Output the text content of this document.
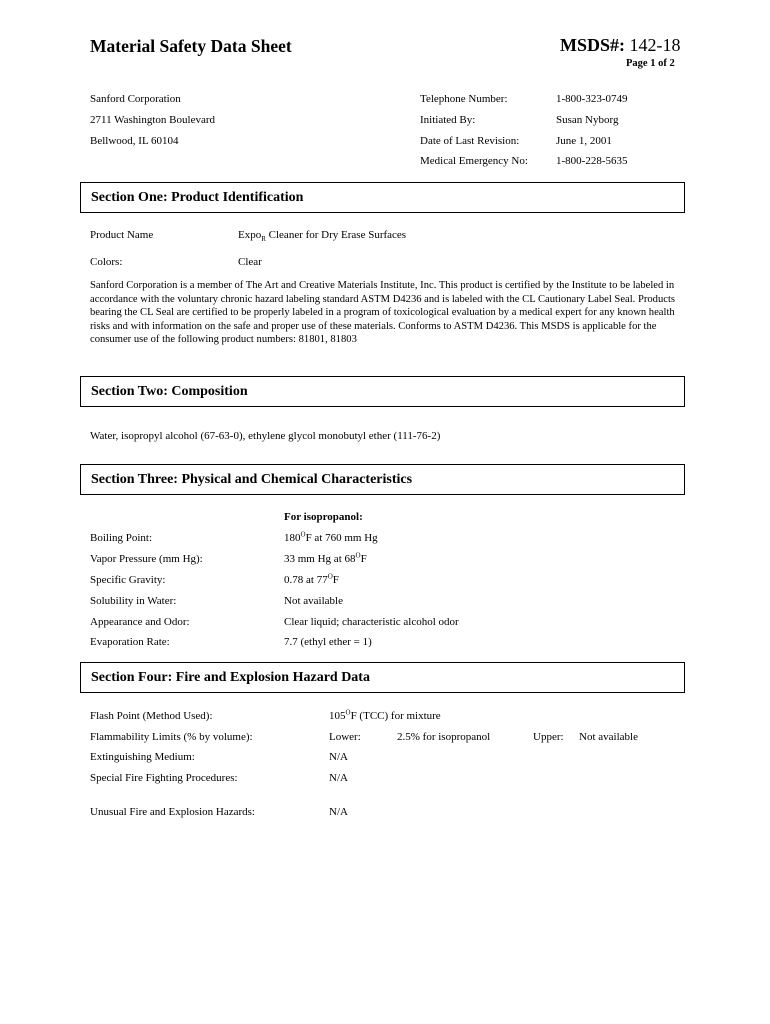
Material Safety Data Sheet	MSDS#: 142-18
Page 1 of 2
Sanford Corporation
2711 Washington Boulevard
Bellwood, IL 60104
Telephone Number:	1-800-323-0749
Initiated By:	Susan Nyborg
Date of Last Revision:	June 1, 2001
Medical Emergency No:	1-800-228-5635
Section One: Product Identification
Product Name	Expo$_R$ Cleaner for Dry Erase Surfaces
Colors:	Clear
Sanford Corporation is a member of The Art and Creative Materials Institute, Inc. This product is certified by the Institute to be labeled in accordance with the voluntary chronic hazard labeling standard ASTM D4236 and is labeled with the CL Cautionary Label Seal. Products bearing the CL Seal are certified to be properly labeled in a program of toxicological evaluation by a medical expert for any known health risks and with information on the safe and proper use of these materials. Conforms to ASTM D4236. This MSDS is applicable for the consumer use of the following product numbers: 81801, 81803
Section Two: Composition
Water, isopropyl alcohol (67-63-0), ethylene glycol monobutyl ether (111-76-2)
Section Three: Physical and Chemical Characteristics
For isopropanol:
Boiling Point:	$180^OF$ at 760 mm Hg
Vapor Pressure (mm Hg):	33 mm Hg at $68^OF$
Specific Gravity:	0.78 at $77^OF$
Solubility in Water:	Not available
Appearance and Odor:	Clear liquid; characteristic alcohol odor
Evaporation Rate:	7.7 (ethyl ether = 1)
Section Four: Fire and Explosion Hazard Data
Flash Point (Method Used):	$105^OF$ (TCC) for mixture
Flammability Limits (% by volume):	Lower:	2.5% for isopropanol	Upper: Not available
Extinguishing Medium:	N/A
Special Fire Fighting Procedures:	N/A
Unusual Fire and Explosion Hazards:	N/A
